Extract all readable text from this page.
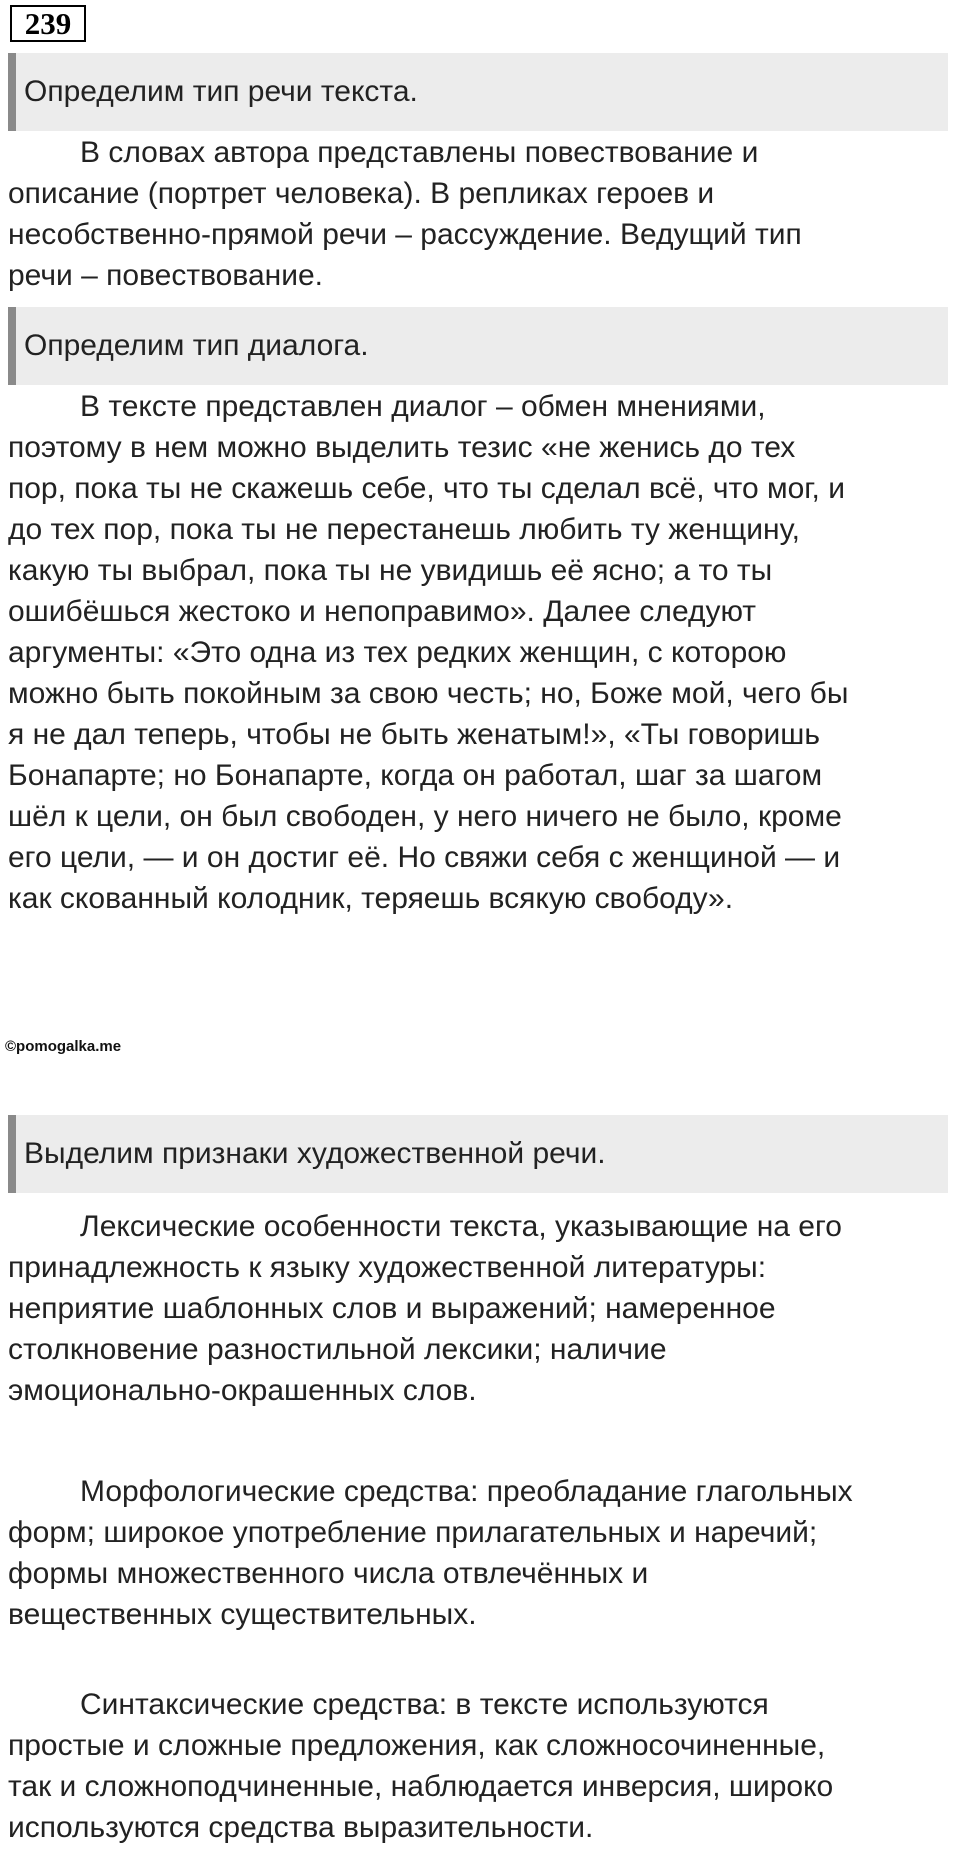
239
Определим тип речи текста.
В словах автора представлены повествование и
описание (портрет человека). В репликах героев и
несобственно-прямой речи – рассуждение. Ведущий тип
речи – повествование.
Определим тип диалога.
В тексте представлен диалог – обмен мнениями,
поэтому в нем можно выделить тезис «не женись до тех
пор, пока ты не скажешь себе, что ты сделал всё, что мог, и
до тех пор, пока ты не перестанешь любить ту женщину,
какую ты выбрал, пока ты не увидишь её ясно; а то ты
ошибёшься жестоко и непоправимо». Далее следуют
аргументы: «Это одна из тех редких женщин, с которою
можно быть покойным за свою честь; но, Боже мой, чего бы
я не дал теперь, чтобы не быть женатым!», «Ты говоришь
Бонапарте; но Бонапарте, когда он работал, шаг за шагом
шёл к цели, он был свободен, у него ничего не было, кроме
его цели, — и он достиг её. Но свяжи себя с женщиной — и
как скованный колодник, теряешь всякую свободу».
©pomogalka.me
Выделим признаки художественной речи.
Лексические особенности текста, указывающие на его
принадлежность к языку художественной литературы:
неприятие шаблонных слов и выражений; намеренное
столкновение разностильной лексики; наличие
эмоционально-окрашенных слов.
Морфологические средства: преобладание глагольных
форм; широкое употребление прилагательных и наречий;
формы множественного числа отвлечённых и
вещественных существительных.
Синтаксические средства: в тексте используются
простые и сложные предложения, как сложносочиненные,
так и сложноподчиненные, наблюдается инверсия, широко
используются средства выразительности.
